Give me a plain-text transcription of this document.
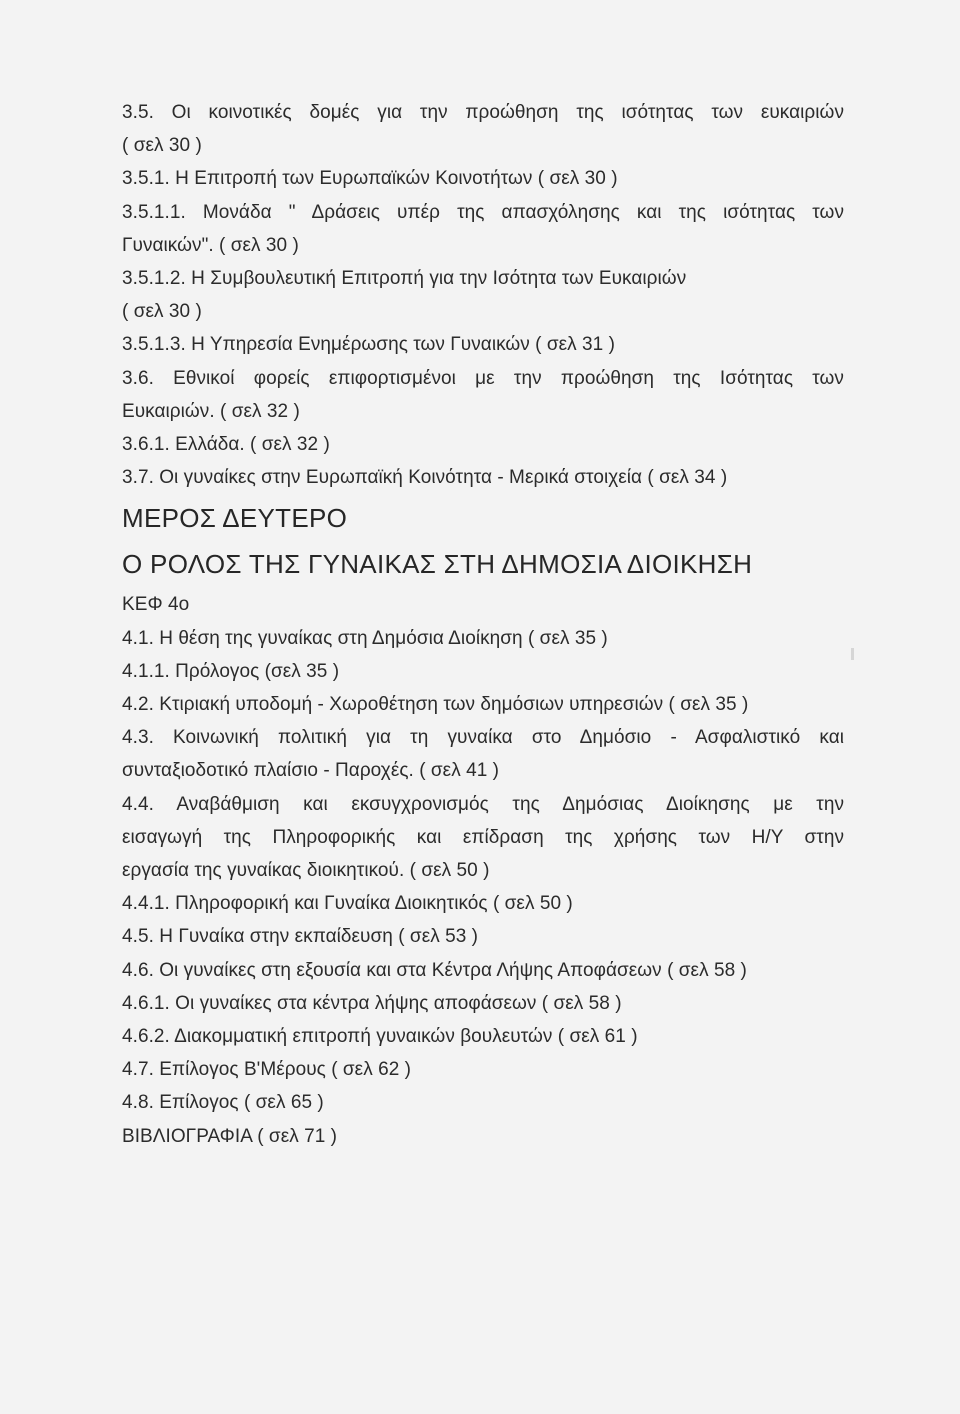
3.5. Οι κοινοτικές δομές για την προώθηση της ισότητας των ευκαιριών
( σελ 30 )
3.5.1. Η Επιτροπή των Ευρωπαϊκών Κοινοτήτων ( σελ 30 )
3.5.1.1. Μονάδα " Δράσεις υπέρ της απασχόλησης και της ισότητας των
Γυναικών". ( σελ 30 )
3.5.1.2. Η Συμβουλευτική Επιτροπή για την Ισότητα των Ευκαιριών
( σελ 30 )
3.5.1.3. Η Υπηρεσία Ενημέρωσης των Γυναικών ( σελ 31 )
3.6. Εθνικοί φορείς επιφορτισμένοι με την προώθηση της Ισότητας των
Ευκαιριών. ( σελ 32 )
3.6.1. Ελλάδα. ( σελ 32 )
3.7. Οι γυναίκες στην Ευρωπαϊκή Κοινότητα - Μερικά στοιχεία ( σελ 34 )
ΜΕΡΟΣ ΔΕΥΤΕΡΟ
Ο ΡΟΛΟΣ ΤΗΣ ΓΥΝΑΙΚΑΣ ΣΤΗ ΔΗΜΟΣΙΑ ΔΙΟΙΚΗΣΗ
ΚΕΦ 4ο
4.1. Η θέση της γυναίκας στη Δημόσια Διοίκηση ( σελ 35 )
4.1.1. Πρόλογος (σελ 35 )
4.2. Κτιριακή υποδομή - Χωροθέτηση των δημόσιων υπηρεσιών ( σελ 35 )
4.3. Κοινωνική πολιτική για τη γυναίκα στο Δημόσιο - Ασφαλιστικό και
συνταξιοδοτικό πλαίσιο - Παροχές. ( σελ 41 )
4.4. Αναβάθμιση και εκσυγχρονισμός της Δημόσιας Διοίκησης με την
εισαγωγή της Πληροφορικής και επίδραση της χρήσης των Η/Υ στην
εργασία της γυναίκας διοικητικού. ( σελ 50 )
4.4.1. Πληροφορική και Γυναίκα Διοικητικός ( σελ 50 )
4.5. Η Γυναίκα στην εκπαίδευση ( σελ 53 )
4.6. Οι γυναίκες στη εξουσία και στα Κέντρα Λήψης Αποφάσεων ( σελ 58 )
4.6.1. Οι γυναίκες στα κέντρα λήψης αποφάσεων ( σελ 58 )
4.6.2. Διακομματική επιτροπή γυναικών βουλευτών ( σελ 61 )
4.7. Επίλογος Β'Μέρους ( σελ 62 )
4.8. Επίλογος ( σελ 65 )
ΒΙΒΛΙΟΓΡΑΦΙΑ ( σελ 71 )
